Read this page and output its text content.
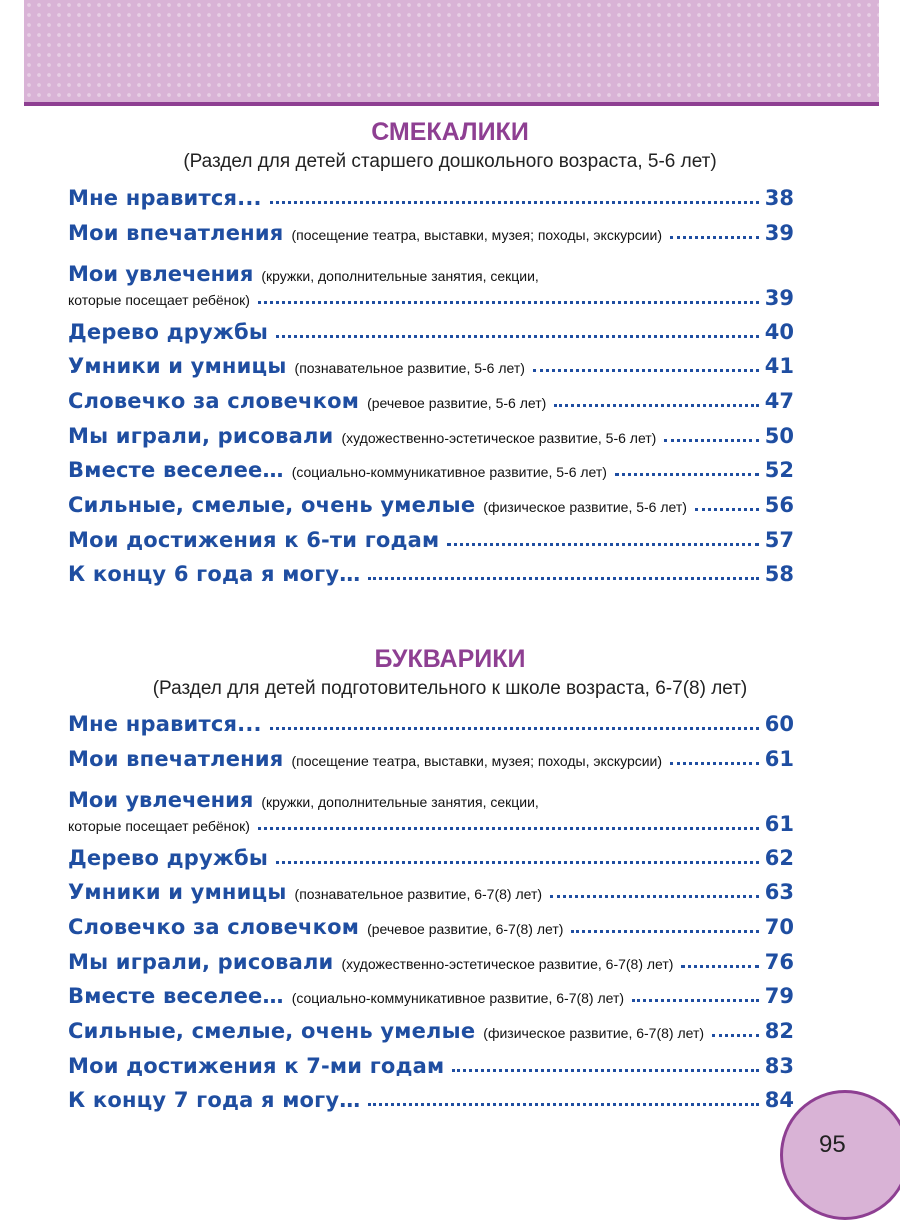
СМЕКАЛИКИ

(Раздел для детей старшего дошкольного возраста, 5-6 лет)

Мне нравится...	38
Мои впечатления (посещение театра, выставки, музея; походы, экскурсии)	39
Мои увлечения (кружки, дополнительные занятия, секции,
которые посещает ребёнок)	39
Дерево дружбы	40
Умники и умницы (познавательное развитие, 5-6 лет)	41
Словечко за словечком (речевое развитие, 5-6 лет)	47
Мы играли, рисовали (художественно-эстетическое развитие, 5-6 лет)	50
Вместе веселее… (социально-коммуникативное развитие, 5-6 лет)	52
Сильные, смелые, очень умелые (физическое развитие, 5-6 лет)	56
Мои достижения к 6-ти годам	57
К концу 6 года я могу…	58
БУКВАРИКИ

(Раздел для детей подготовительного к школе возраста, 6-7(8) лет)

Мне нравится...	60
Мои впечатления (посещение театра, выставки, музея; походы, экскурсии)	61
Мои увлечения (кружки, дополнительные занятия, секции,
которые посещает ребёнок)	61
Дерево дружбы	62
Умники и умницы (познавательное развитие, 6-7(8) лет)	63
Словечко за словечком (речевое развитие, 6-7(8) лет)	70
Мы играли, рисовали (художественно-эстетическое развитие, 6-7(8) лет)	76
Вместе веселее… (социально-коммуникативное развитие, 6-7(8) лет)	79
Сильные, смелые, очень умелые (физическое развитие, 6-7(8) лет)	82
Мои достижения к 7-ми годам	83
К концу 7 года я могу…	84
95
